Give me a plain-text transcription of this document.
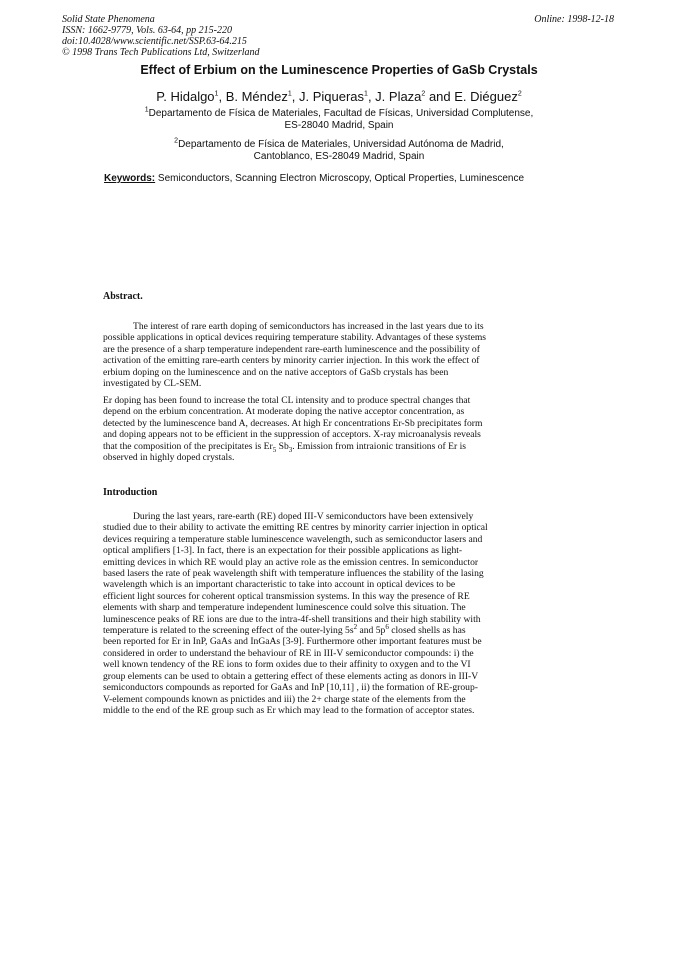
Solid State Phenomena
ISSN: 1662-9779, Vols. 63-64, pp 215-220
doi:10.4028/www.scientific.net/SSP.63-64.215
© 1998 Trans Tech Publications Ltd, Switzerland
Online: 1998-12-18
Effect of Erbium on the Luminescence Properties of GaSb Crystals
P. Hidalgo$^1$, B. Méndez$^1$, J. Piqueras$^1$, J. Plaza$^2$ and E. Diéguez$^2$
$^1$Departamento de Física de Materiales, Facultad de Físicas, Universidad Complutense,
ES-28040 Madrid, Spain
$^2$Departamento de Física de Materiales, Universidad Autónoma de Madrid,
Cantoblanco, ES-28049 Madrid, Spain
Keywords: Semiconductors, Scanning Electron Microscopy, Optical Properties, Luminescence
Abstract.
The interest of rare earth doping of semiconductors has increased in the last years due to its
possible applications in optical devices requiring temperature stability. Advantages of these systems
are the presence of a sharp temperature independent rare-earth luminescence and the possibility of
activation of the emitting rare-earth centers by minority carrier injection. In this work the effect of
erbium doping on the luminescence and on the native acceptors of GaSb crystals has been
investigated by CL-SEM.
Er doping has been found to increase the total CL intensity and to produce spectral changes that
depend on the erbium concentration. At moderate doping the native acceptor concentration, as
detected by the luminescence band A, decreases. At high Er concentrations Er-Sb precipitates form
and doping appears not to be efficient in the suppression of acceptors. X-ray microanalysis reveals
that the composition of the precipitates is $Er_5$ $Sb_3$. Emission from intraionic transitions of Er is
observed in highly doped crystals.
Introduction
During the last years, rare-earth (RE) doped III-V semiconductors have been extensively
studied due to their ability to activate the emitting RE centres by minority carrier injection in optical
devices requiring a temperature stable luminescence wavelength, such as semiconductor lasers and
optical amplifiers [1-3]. In fact, there is an expectation for their possible applications as light-
emitting devices in which RE would play an active role as the emission centres. In semiconductor
based lasers the rate of peak wavelength shift with temperature influences the stability of the lasing
wavelength which is an important characteristic to take into account in optical devices to be
efficient light sources for coherent optical transmission systems. In this way the presence of RE
elements with sharp and temperature independent luminescence could solve this situation. The
luminescence peaks of RE ions are due to the intra-4f-shell transitions and their high stability with
temperature is related to the screening effect of the outer-lying $5s^2$ and $5p^6$ closed shells as has
been reported for Er in InP, GaAs and InGaAs [3-9]. Furthermore other important features must be
considered in order to understand the behaviour of RE in III-V semiconductor compounds: i) the
well known tendency of the RE ions to form oxides due to their affinity to oxygen and to the VI
group elements can be used to obtain a gettering effect of these elements acting as donors in III-V
semiconductors compounds as reported for GaAs and InP [10,11] , ii) the formation of RE-group-
V-element compounds known as pnictides and iii) the 2+ charge state of the elements from the
middle to the end of the RE group such as Er which may lead to the formation of acceptor states.
